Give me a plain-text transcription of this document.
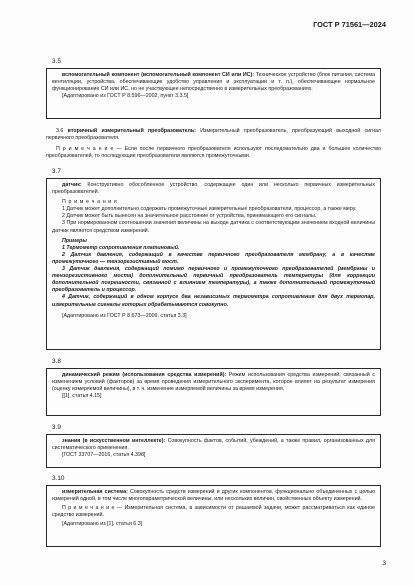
ГОСТ Р 71561—2024
3.5

вспомогательный компонент (вспомогательный компонент СИ или ИС): Техническое устройство (блок питания, система вентиляции, устройства, обеспечивающие удобство управления и эксплуатации и т. п.), обеспечивающее нормальное функционирование СИ или ИС, но не участвующее непосредственно в измерительных преобразованиях.

[Адаптировано из ГОСТ Р 8.596—2002, пункт 3.3.5]

3.6 вторичный измерительный преобразователь: Измерительный преобразователь, преобразующий выходной сигнал первичного преобразователя.

П р и м е ч а н и е — Если после первичного преобразователя используют последовательно два и большее количество преобразователей, то последующие преобразователи являются промежуточными.

3.7

датчик: Конструктивно обособленное устройство, содержащее один или несколько первичных измерительных преобразователей.

П р и м е ч а н и я

1 Датчик может дополнительно содержать промежуточные измерительные преобразователи, процессор, а также меру.

2 Датчик может быть вынесен на значительное расстояние от устройства, принимающего его сигналы.

3 При нормированном соотношении значения величины на выходе датчика с соответствующим значением входной величины датчик является средством измерений.

Примеры

1 Термометр сопротивления платиновый.

2 Датчик давления, содержащий в качестве первичного преобразователя мембрану, а в качестве промежуточного — тензорезистивный мост.

3 Датчик давления, содержащий помимо первичного и промежуточного преобразователей (мембраны и тензорезистивного моста) дополнительный первичный преобразователь температуры (для коррекции дополнительной погрешности, связанной с влиянием температуры), а также дополнительный промежуточный преобразователь и процессор.

4 Датчик, содержащий в одном корпусе два независимых термометра сопротивления для двух термопар, измерительные сигналы которых обрабатываются совокупно.

[Адаптировано из ГОСТ Р 8.673—2009, статья 3.3]

3.8

динамический режим (использования средства измерений): Режим использования средства измерений, связанный с изменением условий (факторов) за время проведения измерительного эксперимента, которое влияет на результат измерения (оценку измеряемой величины), в т. ч. изменение измеряемой величины за время измерения.

[[1], статья 4.15]

3.9

знания (в искусственном интеллекте): Совокупность фактов, событий, убеждений, а также правил, организованных для систематического применения.

[ГОСТ 33707—2016, статья 4.398]

3.10

измерительная система: Совокупность средств измерений и других компонентов, функционально объединенных с целью измерений одной, в том числе многопараметрической величины, или нескольких величин, свойственных объекту измерений.

П р и м е ч а н и е — Измерительная система, в зависимости от решаемой задачи, может рассматриваться как единое средство измерений.

[Адаптировано из [1], статья 6.3]

3
